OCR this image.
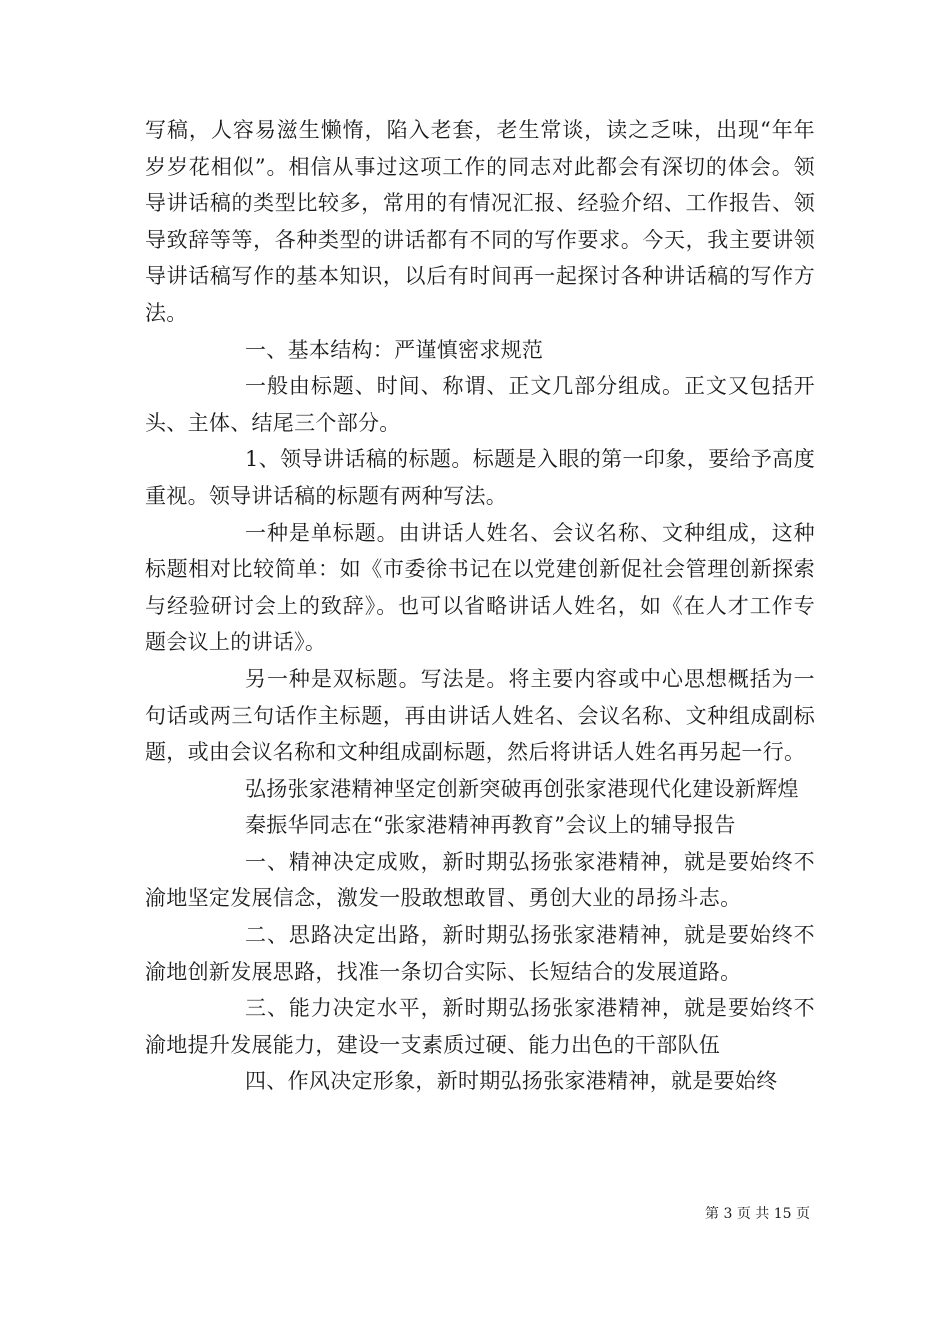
写稿，人容易滋生懒惰，陷入老套，老生常谈，读之乏味，出现“年年岁岁花相似”。相信从事过这项工作的同志对此都会有深切的体会。领导讲话稿的类型比较多，常用的有情况汇报、经验介绍、工作报告、领导致辞等等，各种类型的讲话都有不同的写作要求。今天，我主要讲领导讲话稿写作的基本知识，以后有时间再一起探讨各种讲话稿的写作方法。

一、基本结构：严谨慎密求规范

一般由标题、时间、称谓、正文几部分组成。正文又包括开头、主体、结尾三个部分。

1、领导讲话稿的标题。标题是入眼的第一印象，要给予高度重视。领导讲话稿的标题有两种写法。

一种是单标题。由讲话人姓名、会议名称、文种组成，这种标题相对比较简单：如《市委徐书记在以党建创新促社会管理创新探索与经验研讨会上的致辞》。也可以省略讲话人姓名，如《在人才工作专题会议上的讲话》。

另一种是双标题。写法是。将主要内容或中心思想概括为一句话或两三句话作主标题，再由讲话人姓名、会议名称、文种组成副标题，或由会议名称和文种组成副标题，然后将讲话人姓名再另起一行。

弘扬张家港精神坚定创新突破再创张家港现代化建设新辉煌

秦振华同志在“张家港精神再教育”会议上的辅导报告

一、精神决定成败，新时期弘扬张家港精神，就是要始终不渝地坚定发展信念，激发一股敢想敢冒、勇创大业的昂扬斗志。

二、思路决定出路，新时期弘扬张家港精神，就是要始终不渝地创新发展思路，找准一条切合实际、长短结合的发展道路。

三、能力决定水平，新时期弘扬张家港精神，就是要始终不渝地提升发展能力，建设一支素质过硬、能力出色的干部队伍

四、作风决定形象，新时期弘扬张家港精神，就是要始终

第 3 页 共 15 页
